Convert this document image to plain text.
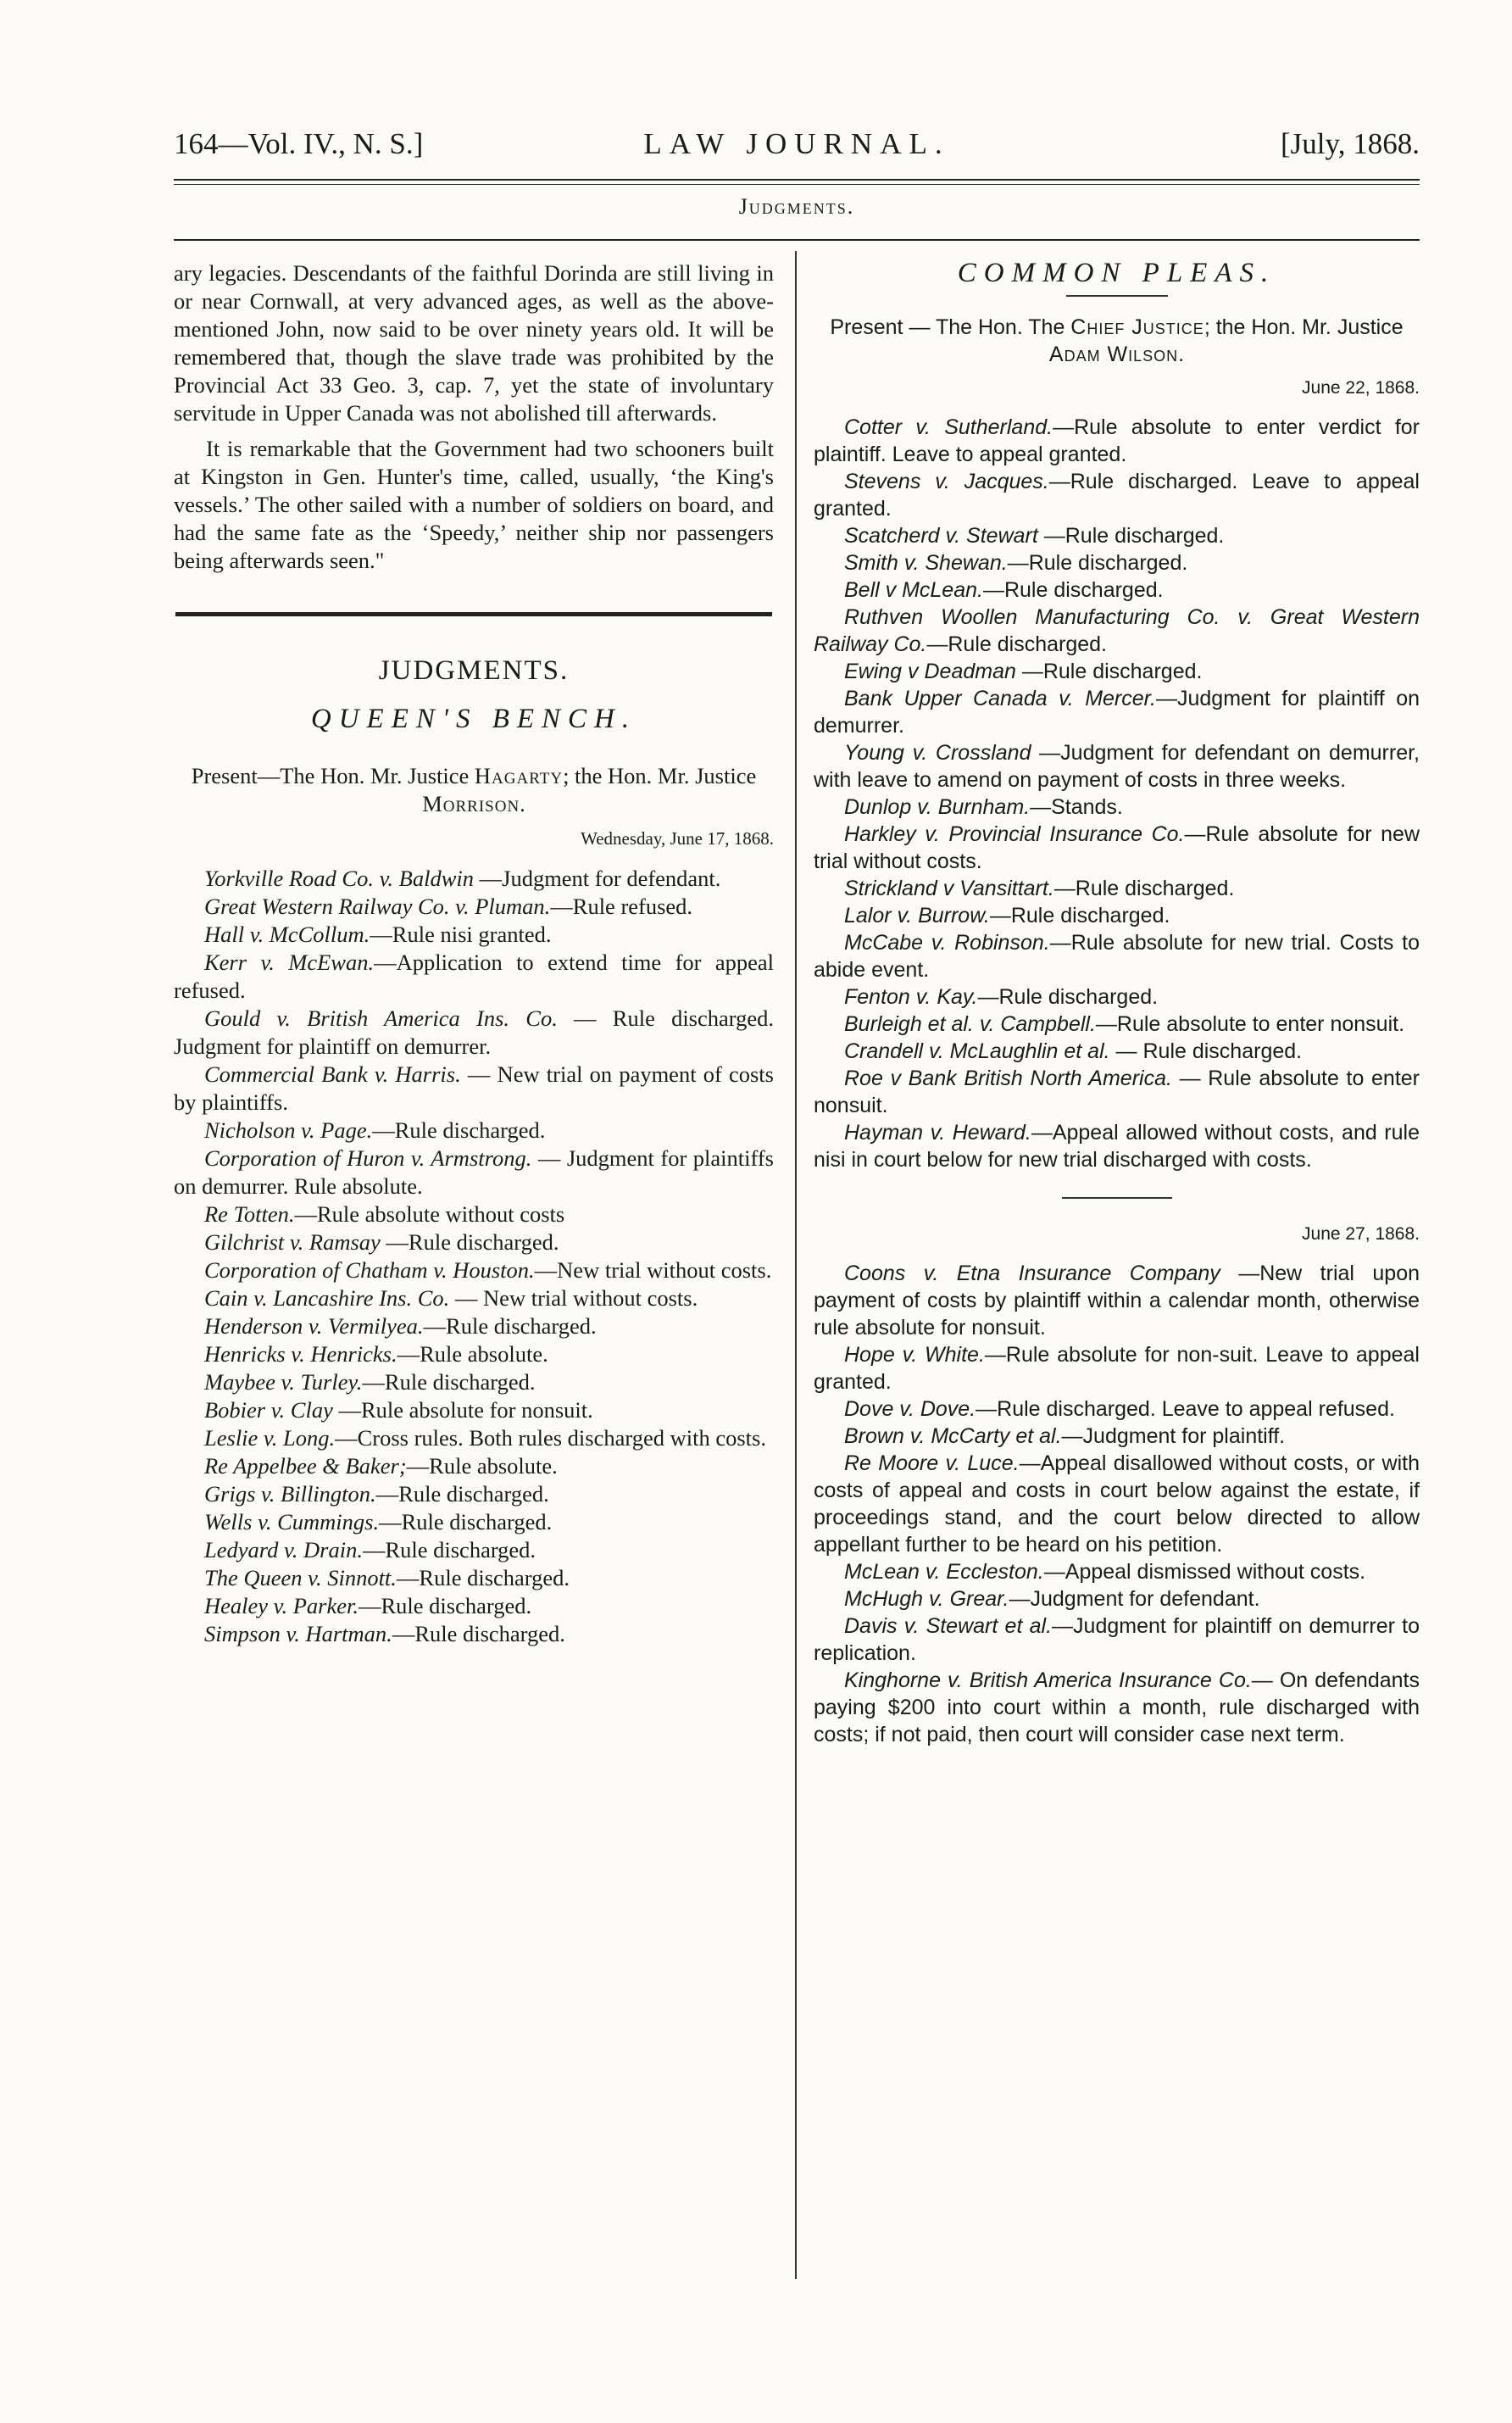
164—Vol. IV., N. S.]	LAW JOURNAL.	[July, 1868.
Judgments.

ary legacies. Descendants of the faithful Dorinda are still living in or near Cornwall, at very advanced ages, as well as the above-mentioned John, now said to be over ninety years old. It will be remembered that, though the slave trade was prohibited by the Provincial Act 33 Geo. 3, cap. 7, yet the state of involuntary servitude in Upper Canada was not abolished till afterwards.

It is remarkable that the Government had two schooners built at Kingston in Gen. Hunter's time, called, usually, ‘the King's vessels.’ The other sailed with a number of soldiers on board, and had the same fate as the ‘Speedy,’ neither ship nor passengers being afterwards seen."

JUDGMENTS.
QUEEN'S BENCH.
Present—The Hon. Mr. Justice Hagarty; the Hon. Mr. Justice Morrison.
Wednesday, June 17, 1868.

Yorkville Road Co. v. Baldwin —Judgment for defendant.

Great Western Railway Co. v. Pluman.—Rule refused.

Hall v. McCollum.—Rule nisi granted.

Kerr v. McEwan.—Application to extend time for appeal refused.

Gould v. British America Ins. Co. — Rule discharged. Judgment for plaintiff on demurrer.

Commercial Bank v. Harris. — New trial on payment of costs by plaintiffs.

Nicholson v. Page.—Rule discharged.

Corporation of Huron v. Armstrong. — Judgment for plaintiffs on demurrer. Rule absolute.

Re Totten.—Rule absolute without costs

Gilchrist v. Ramsay —Rule discharged.

Corporation of Chatham v. Houston.—New trial without costs.

Cain v. Lancashire Ins. Co. — New trial without costs.

Henderson v. Vermilyea.—Rule discharged.

Henricks v. Henricks.—Rule absolute.

Maybee v. Turley.—Rule discharged.

Bobier v. Clay —Rule absolute for nonsuit.

Leslie v. Long.—Cross rules. Both rules discharged with costs.

Re Appelbee & Baker;—Rule absolute.

Grigs v. Billington.—Rule discharged.

Wells v. Cummings.—Rule discharged.

Ledyard v. Drain.—Rule discharged.

The Queen v. Sinnott.—Rule discharged.

Healey v. Parker.—Rule discharged.

Simpson v. Hartman.—Rule discharged.

COMMON PLEAS.
Present — The Hon. The Chief Justice; the Hon. Mr. Justice Adam Wilson.
June 22, 1868.

Cotter v. Sutherland.—Rule absolute to enter verdict for plaintiff. Leave to appeal granted.

Stevens v. Jacques.—Rule discharged. Leave to appeal granted.

Scatcherd v. Stewart —Rule discharged.

Smith v. Shewan.—Rule discharged.

Bell v McLean.—Rule discharged.

Ruthven Woollen Manufacturing Co. v. Great Western Railway Co.—Rule discharged.

Ewing v Deadman —Rule discharged.

Bank Upper Canada v. Mercer.—Judgment for plaintiff on demurrer.

Young v. Crossland —Judgment for defendant on demurrer, with leave to amend on payment of costs in three weeks.

Dunlop v. Burnham.—Stands.

Harkley v. Provincial Insurance Co.—Rule absolute for new trial without costs.

Strickland v Vansittart.—Rule discharged.

Lalor v. Burrow.—Rule discharged.

McCabe v. Robinson.—Rule absolute for new trial. Costs to abide event.

Fenton v. Kay.—Rule discharged.

Burleigh et al. v. Campbell.—Rule absolute to enter nonsuit.

Crandell v. McLaughlin et al. — Rule discharged.

Roe v Bank British North America. — Rule absolute to enter nonsuit.

Hayman v. Heward.—Appeal allowed without costs, and rule nisi in court below for new trial discharged with costs.

June 27, 1868.

Coons v. Etna Insurance Company —New trial upon payment of costs by plaintiff within a calendar month, otherwise rule absolute for nonsuit.

Hope v. White.—Rule absolute for non-suit. Leave to appeal granted.

Dove v. Dove.—Rule discharged. Leave to appeal refused.

Brown v. McCarty et al.—Judgment for plaintiff.

Re Moore v. Luce.—Appeal disallowed without costs, or with costs of appeal and costs in court below against the estate, if proceedings stand, and the court below directed to allow appellant further to be heard on his petition.

McLean v. Eccleston.—Appeal dismissed without costs.

McHugh v. Grear.—Judgment for defendant.

Davis v. Stewart et al.—Judgment for plaintiff on demurrer to replication.

Kinghorne v. British America Insurance Co.— On defendants paying $200 into court within a month, rule discharged with costs; if not paid, then court will consider case next term.
